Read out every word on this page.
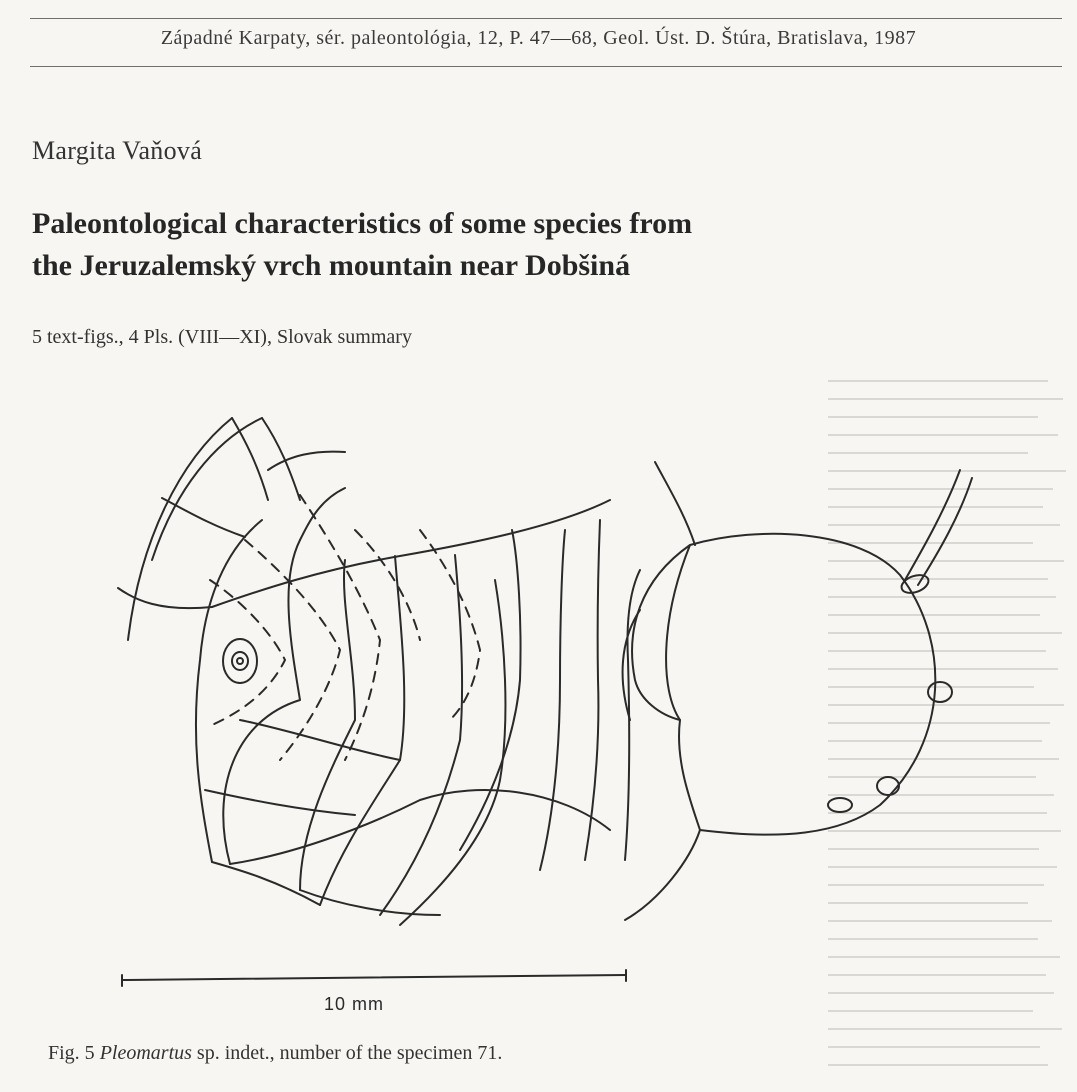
Západné Karpaty, sér. paleontológia, 12, P. 47—68, Geol. Úst. D. Štúra, Bratislava, 1987
Margita Vaňová
Paleontological characteristics of some species from
the Jeruzalemský vrch mountain near Dobšiná
5 text-figs., 4 Pls. (VIII—XI), Slovak summary
10 mm
Fig. 5 Pleomartus sp. indet., number of the specimen 71.
